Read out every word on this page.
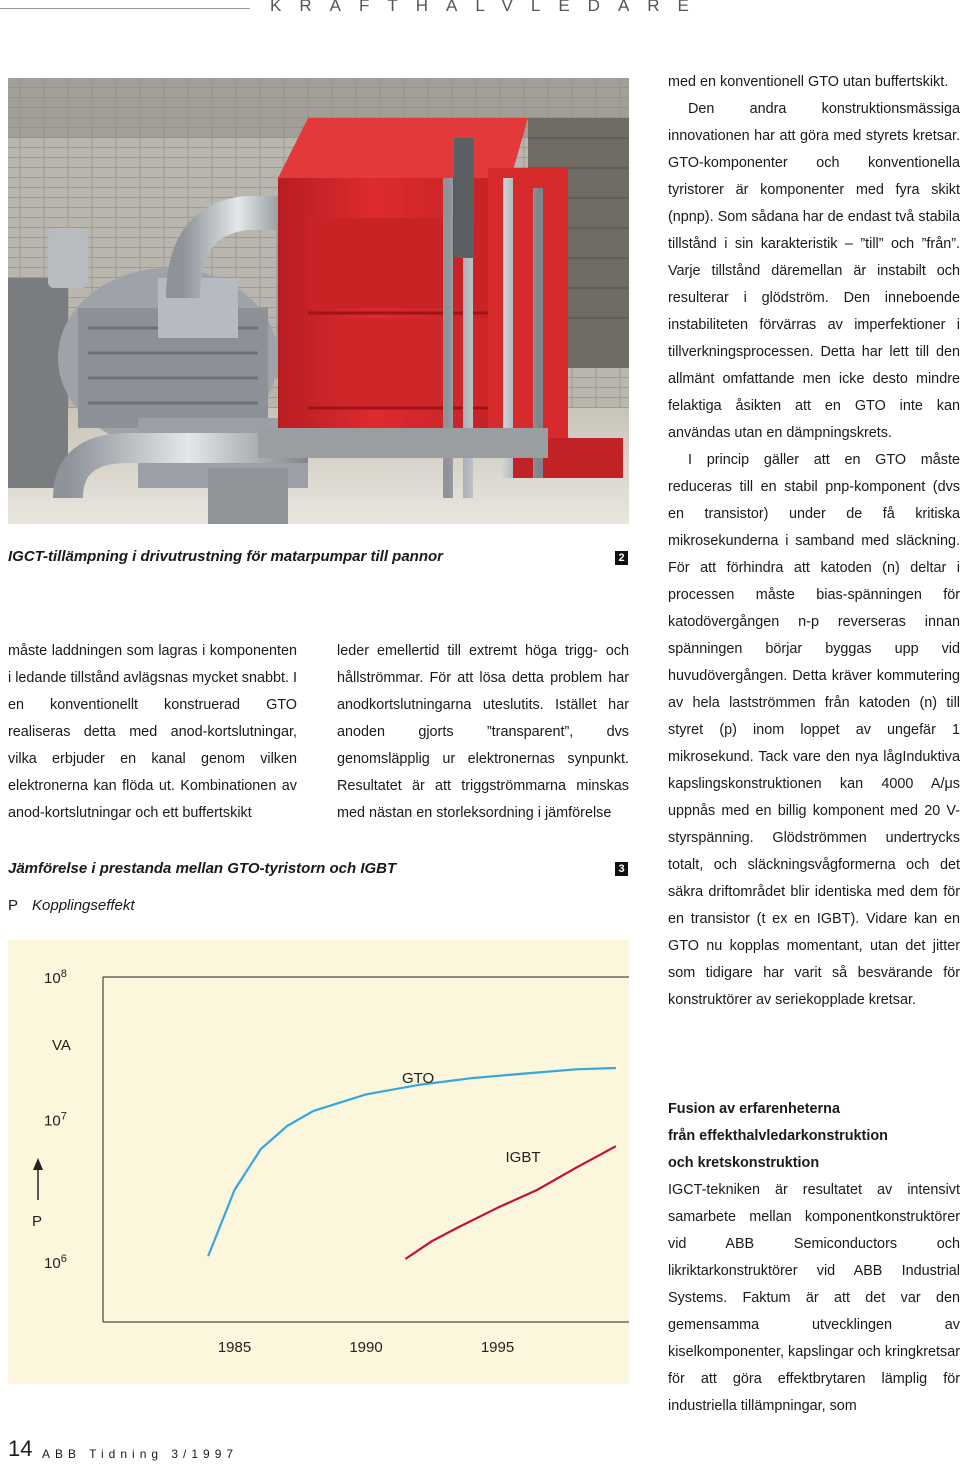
KRAFTHALVLEDARE
IGCT-tillämpning i drivutrustning för matarpumpar till pannor	2

måste laddningen som lagras i komponenten i ledande tillstånd avlägsnas mycket snabbt. I en konventionellt konstruerad GTO realiseras detta med anod-kortslutningar, vilka erbjuder en kanal genom vilken elektronerna kan flöda ut. Kombinationen av anod-kortslutningar och ett buffertskikt

leder emellertid till extremt höga trigg- och hållströmmar. För att lösa detta problem har anodkortslutningarna uteslutits. Istället har anoden gjorts ”transparent”, dvs genomsläpplig ur elektronernas synpunkt. Resultatet är att triggströmmarna minskas med nästan en storleksordning i jämförelse

Jämförelse i prestanda mellan GTO-tyristorn och IGBT	3
P Kopplingseffekt
$10^8$
$10^7$
$10^6$
VA
P
1985	1990	1995
GTO
IGBT

med en konventionell GTO utan buffertskikt.

Den andra konstruktionsmässiga innovationen har att göra med styrets kretsar. GTO-komponenter och konventionella tyristorer är komponenter med fyra skikt (npnp). Som sådana har de endast två stabila tillstånd i sin karakteristik – ”till” och ”från”. Varje tillstånd däremellan är instabilt och resulterar i glödström. Den inneboende instabiliteten förvärras av imperfektioner i tillverkningsprocessen. Detta har lett till den allmänt omfattande men icke desto mindre felaktiga åsikten att en GTO inte kan användas utan en dämpningskrets.

I princip gäller att en GTO måste reduceras till en stabil pnp-komponent (dvs en transistor) under de få kritiska mikrosekunderna i samband med släckning. För att förhindra att katoden (n) deltar i processen måste bias-spänningen för katodövergången n-p reverseras innan spänningen börjar byggas upp vid huvudövergången. Detta kräver kommutering av hela lastströmmen från katoden (n) till styret (p) inom loppet av ungefär 1 mikrosekund. Tack vare den nya lågInduktiva kapslingskonstruktionen kan 4000 A/μs uppnås med en billig komponent med 20 V-styrspänning. Glödströmmen undertrycks totalt, och släckningsvågformerna och det säkra driftområdet blir identiska med dem för en transistor (t ex en IGBT). Vidare kan en GTO nu kopplas momentant, utan det jitter som tidigare har varit så besvärande för konstruktörer av seriekopplade kretsar.

Fusion av erfarenheterna
från effekthalvledarkonstruktion
och kretskonstruktion

IGCT-tekniken är resultatet av intensivt samarbete mellan komponentkonstruktörer vid ABB Semiconductors och likriktarkonstruktörer vid ABB Industrial Systems. Faktum är att det var den gemensamma utvecklingen av kiselkomponenter, kapslingar och kringkretsar för att göra effektbrytaren lämplig för industriella tillämpningar, som

14 ABB Tidning 3/1997
